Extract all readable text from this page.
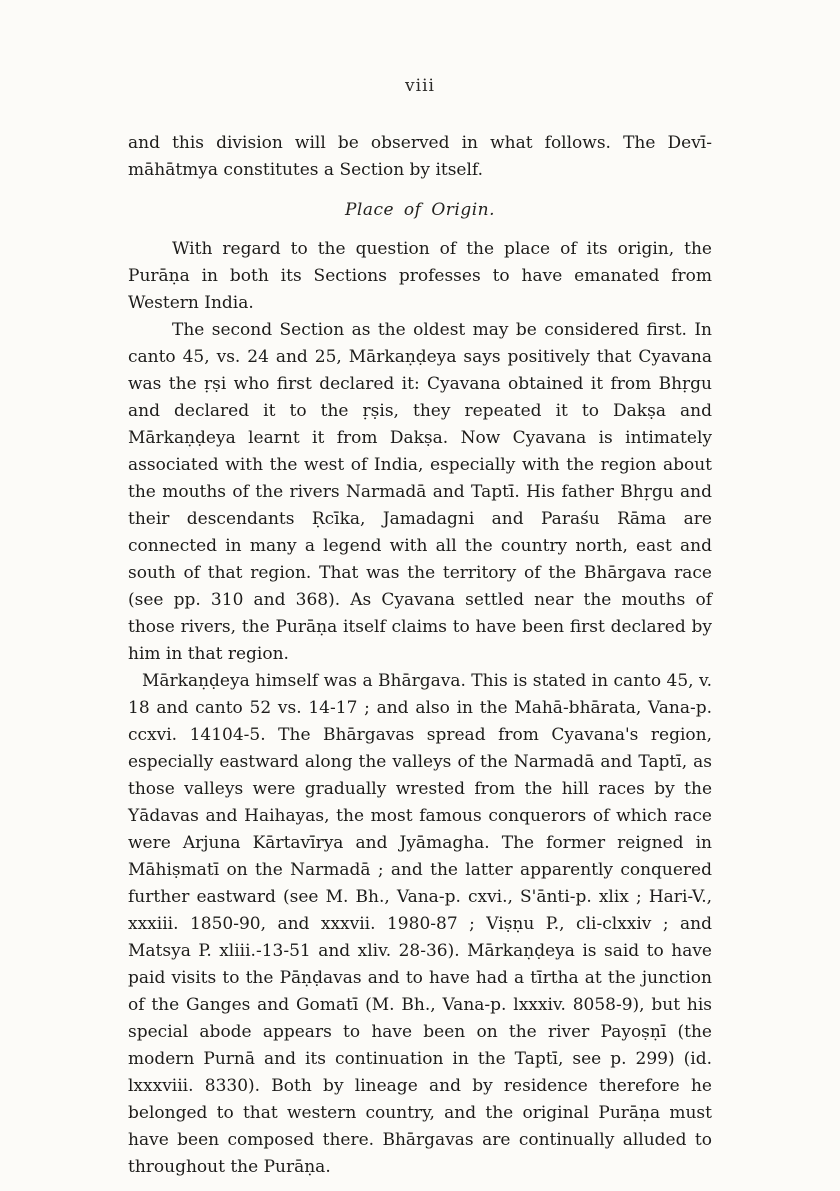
viii

and this division will be observed in what follows. The Devī-māhātmya constitutes a Section by itself.

Place of Origin.

With regard to the question of the place of its origin, the Purāṇa in both its Sections professes to have emanated from Western India.

The second Section as the oldest may be considered first. In canto 45, vs. 24 and 25, Mārkaṇḍeya says positively that Cyavana was the ṛṣi who first declared it: Cyavana obtained it from Bhṛgu and declared it to the ṛṣis, they repeated it to Dakṣa and Mārkaṇḍeya learnt it from Dakṣa. Now Cyavana is intimately associated with the west of India, especially with the region about the mouths of the rivers Narmadā and Taptī. His father Bhṛgu and their descendants Ṛcīka, Jamadagni and Paraśu Rāma are connected in many a legend with all the country north, east and south of that region. That was the territory of the Bhārgava race (see pp. 310 and 368). As Cyavana settled near the mouths of those rivers, the Purāṇa itself claims to have been first declared by him in that region.

Mārkaṇḍeya himself was a Bhārgava. This is stated in canto 45, v. 18 and canto 52 vs. 14-17 ; and also in the Mahā-bhārata, Vana-p. ccxvi. 14104-5. The Bhārgavas spread from Cyavana's region, especially eastward along the valleys of the Narmadā and Taptī, as those valleys were gradually wrested from the hill races by the Yādavas and Haihayas, the most famous conquerors of which race were Arjuna Kārtavīrya and Jyāmagha. The former reigned in Māhiṣmatī on the Narmadā ; and the latter apparently conquered further eastward (see M. Bh., Vana-p. cxvi., S'ānti-p. xlix ; Hari-V., xxxiii. 1850-90, and xxxvii. 1980-87 ; Viṣṇu P., cli-clxxiv ; and Matsya P. xliii.-13-51 and xliv. 28-36). Mārkaṇḍeya is said to have paid visits to the Pāṇḍavas and to have had a tīrtha at the junction of the Ganges and Gomatī (M. Bh., Vana-p. lxxxiv. 8058-9), but his special abode appears to have been on the river Payoṣṇī (the modern Purnā and its continuation in the Taptī, see p. 299) (id. lxxxviii. 8330). Both by lineage and by residence therefore he belonged to that western country, and the original Purāṇa must have been composed there. Bhārgavas are continually alluded to throughout the Purāṇa.
